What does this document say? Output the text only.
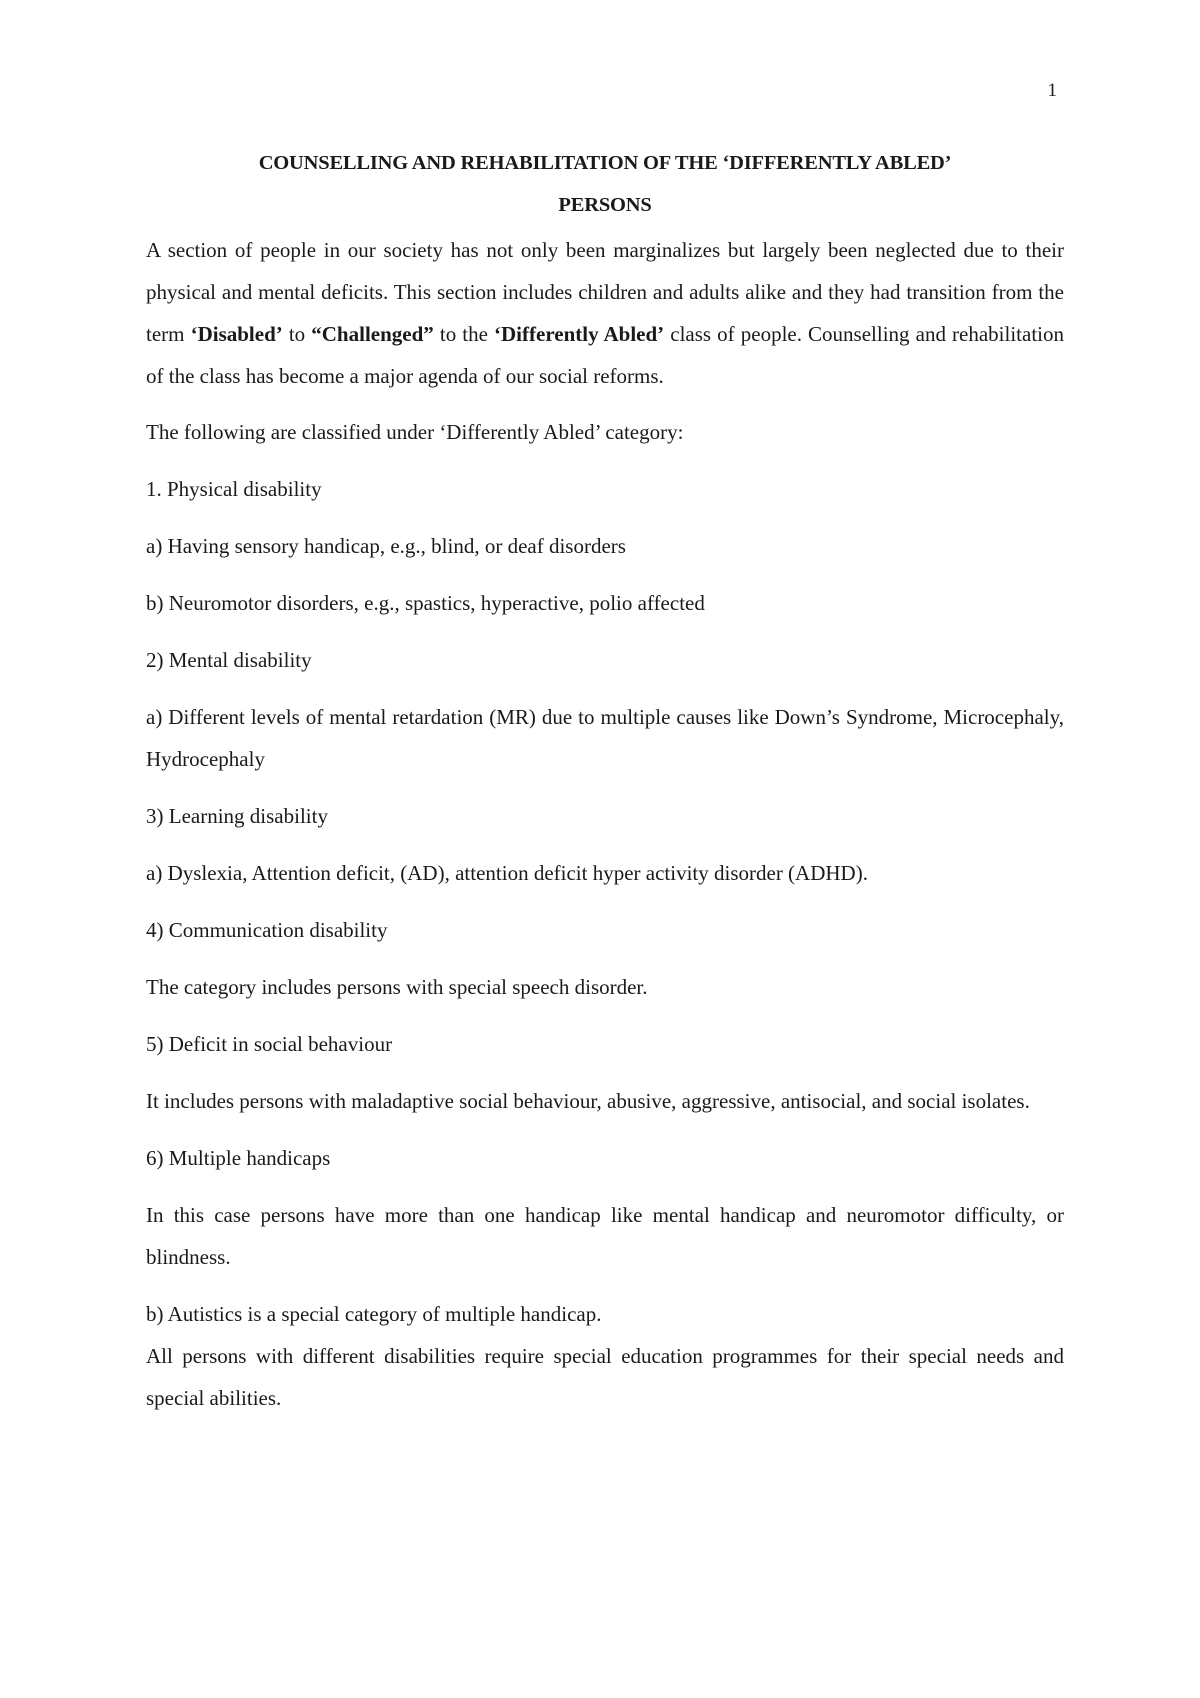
1
COUNSELLING AND REHABILITATION OF THE ‘DIFFERENTLY ABLED’
PERSONS

A section of people in our society has not only been marginalizes but largely been neglected due to their physical and mental deficits. This section includes children and adults alike and they had transition from the term ‘Disabled’ to “Challenged” to the ‘Differently Abled’ class of people. Counselling and rehabilitation of the class has become a major agenda of our social reforms.

The following are classified under ‘Differently Abled’ category:

1. Physical disability

a) Having sensory handicap, e.g., blind, or deaf disorders

b) Neuromotor disorders, e.g., spastics, hyperactive, polio affected

2) Mental disability

a) Different levels of mental retardation (MR) due to multiple causes like Down’s Syndrome, Microcephaly, Hydrocephaly

3) Learning disability

a) Dyslexia, Attention deficit, (AD), attention deficit hyper activity disorder (ADHD).

4) Communication disability

The category includes persons with special speech disorder.

5) Deficit in social behaviour

It includes persons with maladaptive social behaviour, abusive, aggressive, antisocial, and social isolates.

6) Multiple handicaps

In this case persons have more than one handicap like mental handicap and neuromotor difficulty, or blindness.

b) Autistics is a special category of multiple handicap.

All persons with different disabilities require special education programmes for their special needs and special abilities.
